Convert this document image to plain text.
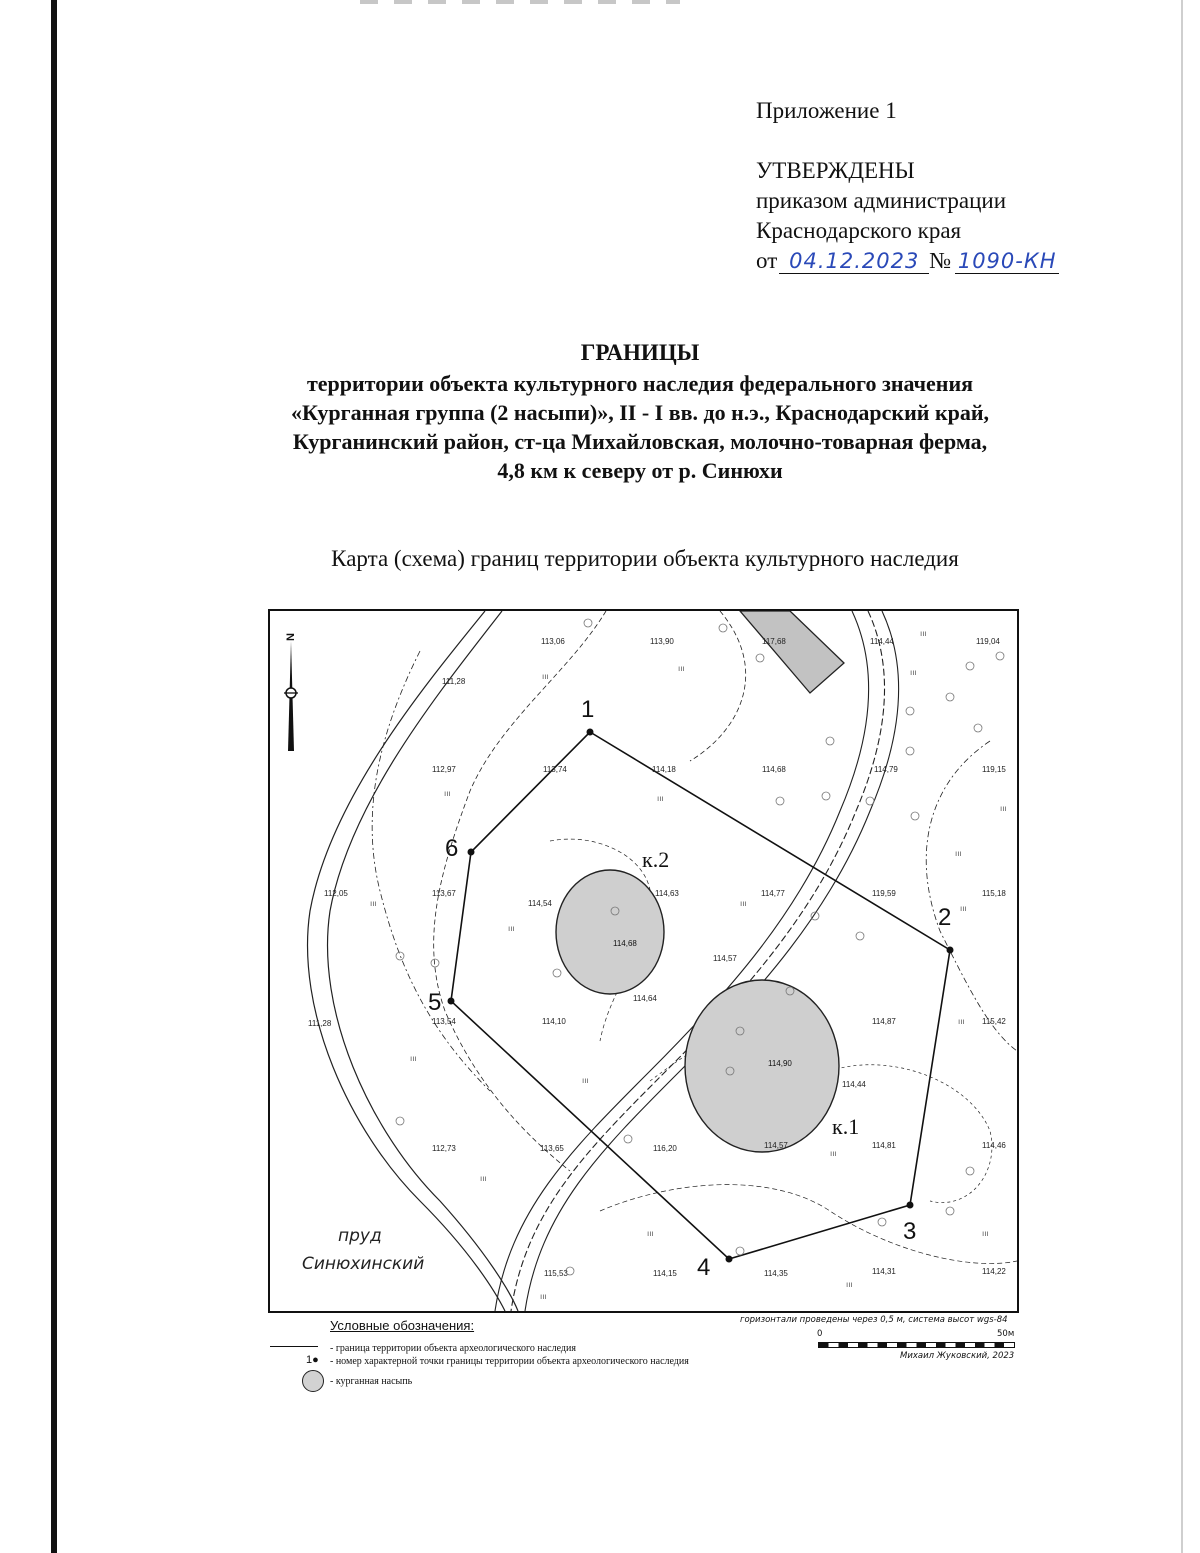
Приложение 1
УТВЕРЖДЕНЫ
приказом администрации
Краснодарского края
от 04.12.2023 № 1090-КН
ГРАНИЦЫ
территории объекта культурного наследия федерального значения
«Курганная группа (2 насыпи)», II - I вв. до н.э., Краснодарский край,
Курганинский район, ст-ца Михайловская, молочно-товарная ферма,
4,8 км к северу от р. Синюхи
Карта (схема) границ территории объекта культурного наследия
1
2
3
4
5
6
к.1
к.2
114,68
114,90
113,06	113,90	117,68	114,44	119,04
111,28
112,97	113,74	114,18	114,68	114,79	119,15
112,05	113,67
114,54
114,63	114,77	119,59	115,18
114,57
111,28	113,54	114,10
114,64
114,87	115,42
114,44
112,73	113,65	116,20	114,57	114,81	114,46
115,53	114,15	114,35	114,31	114,22
ııı
ııı	ııı
ııı
ııı
ııı
ııı
ııı
ııı
ııı
ııı
ııı
ııı
ııı
ııı
ııı
ııı
ııı
ııı
ııı
ııı
N
пруд
Синюхинский
Условные обозначения:
- граница территории объекта археологического наследия
1● - номер характерной точки границы территории объекта археологического наследия
- курганная насыпь
горизонтали проведены через 0,5 м, система высот wgs-84
0	50м
Михаил Жуковский, 2023
